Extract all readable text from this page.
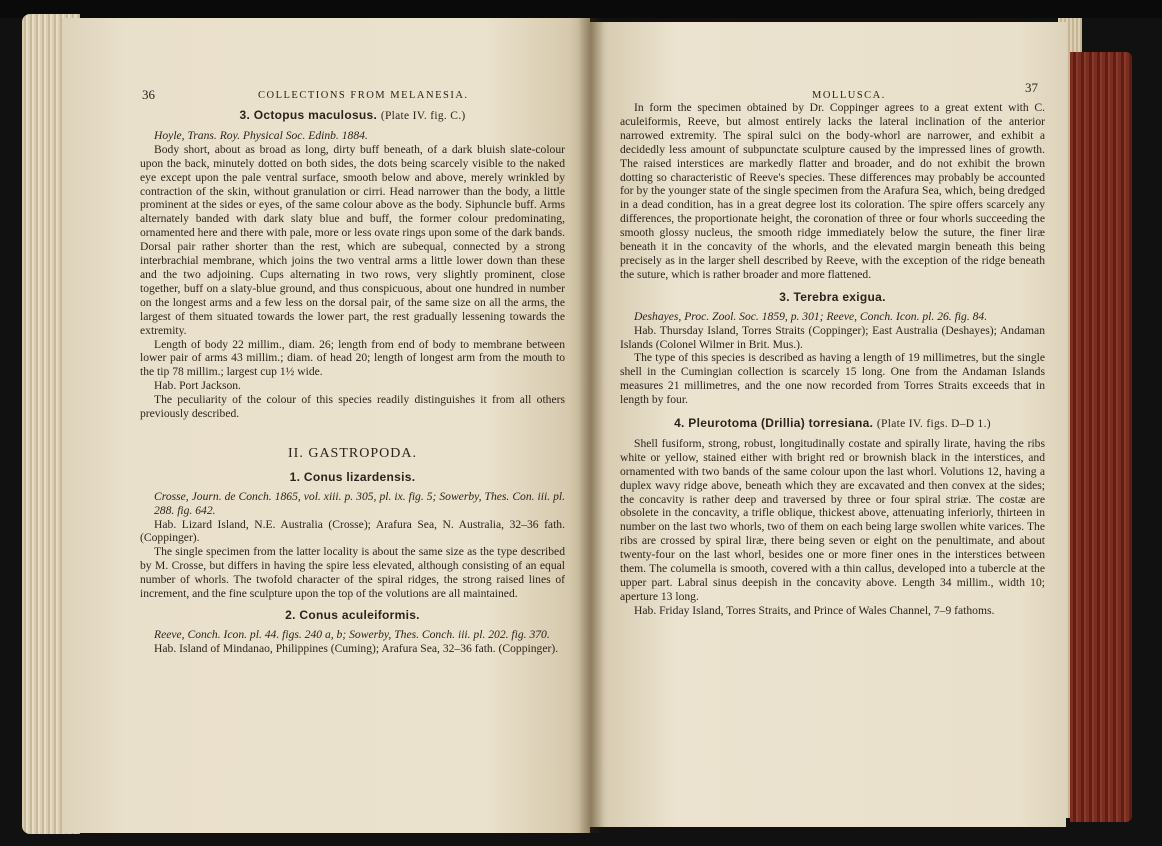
36	COLLECTIONS FROM MELANESIA.	MOLLUSCA.
37
3. Octopus maculosus. (Plate IV. fig. C.)

Hoyle, Trans. Roy. Physical Soc. Edinb. 1884.

Body short, about as broad as long, dirty buff beneath, of a dark bluish slate-colour upon the back, minutely dotted on both sides, the dots being scarcely visible to the naked eye except upon the pale ventral surface, smooth below and above, merely wrinkled by contraction of the skin, without granulation or cirri. Head narrower than the body, a little prominent at the sides or eyes, of the same colour above as the body. Siphuncle buff. Arms alternately banded with dark slaty blue and buff, the former colour predominating, ornamented here and there with pale, more or less ovate rings upon some of the dark bands. Dorsal pair rather shorter than the rest, which are subequal, connected by a strong interbrachial membrane, which joins the two ventral arms a little lower down than these and the two adjoining. Cups alternating in two rows, very slightly prominent, close together, buff on a slaty-blue ground, and thus conspicuous, about one hundred in number on the longest arms and a few less on the dorsal pair, of the same size on all the arms, the largest of them situated towards the lower part, the rest gradually lessening towards the extremity.

Length of body 22 millim., diam. 26; length from end of body to membrane between lower pair of arms 43 millim.; diam. of head 20; length of longest arm from the mouth to the tip 78 millim.; largest cup 1½ wide.

Hab. Port Jackson.

The peculiarity of the colour of this species readily distinguishes it from all others previously described.

II. GASTROPODA.
1. Conus lizardensis.

Crosse, Journ. de Conch. 1865, vol. xiii. p. 305, pl. ix. fig. 5; Sowerby, Thes. Con. iii. pl. 288. fig. 642.

Hab. Lizard Island, N.E. Australia (Crosse); Arafura Sea, N. Australia, 32–36 fath. (Coppinger).

The single specimen from the latter locality is about the same size as the type described by M. Crosse, but differs in having the spire less elevated, although consisting of an equal number of whorls. The twofold character of the spiral ridges, the strong raised lines of increment, and the fine sculpture upon the top of the volutions are all maintained.

2. Conus aculeiformis.

Reeve, Conch. Icon. pl. 44. figs. 240 a, b; Sowerby, Thes. Conch. iii. pl. 202. fig. 370.

Hab. Island of Mindanao, Philippines (Cuming); Arafura Sea, 32–36 fath. (Coppinger).

In form the specimen obtained by Dr. Coppinger agrees to a great extent with C. aculeiformis, Reeve, but almost entirely lacks the lateral inclination of the anterior narrowed extremity. The spiral sulci on the body-whorl are narrower, and exhibit a decidedly less amount of subpunctate sculpture caused by the impressed lines of growth. The raised interstices are markedly flatter and broader, and do not exhibit the brown dotting so characteristic of Reeve's species. These differences may probably be accounted for by the younger state of the single specimen from the Arafura Sea, which, being dredged in a dead condition, has in a great degree lost its coloration. The spire offers scarcely any differences, the proportionate height, the coronation of three or four whorls succeeding the smooth glossy nucleus, the smooth ridge immediately below the suture, the finer liræ beneath it in the concavity of the whorls, and the elevated margin beneath this being precisely as in the larger shell described by Reeve, with the exception of the ridge beneath the suture, which is rather broader and more flattened.

3. Terebra exigua.

Deshayes, Proc. Zool. Soc. 1859, p. 301; Reeve, Conch. Icon. pl. 26. fig. 84.

Hab. Thursday Island, Torres Straits (Coppinger); East Australia (Deshayes); Andaman Islands (Colonel Wilmer in Brit. Mus.).

The type of this species is described as having a length of 19 millimetres, but the single shell in the Cumingian collection is scarcely 15 long. One from the Andaman Islands measures 21 millimetres, and the one now recorded from Torres Straits exceeds that in length by four.

4. Pleurotoma (Drillia) torresiana. (Plate IV. figs. D–D 1.)

Shell fusiform, strong, robust, longitudinally costate and spirally lirate, having the ribs white or yellow, stained either with bright red or brownish black in the interstices, and ornamented with two bands of the same colour upon the last whorl. Volutions 12, having a duplex wavy ridge above, beneath which they are excavated and then convex at the sides; the concavity is rather deep and traversed by three or four spiral striæ. The costæ are obsolete in the concavity, a trifle oblique, thickest above, attenuating inferiorly, thirteen in number on the last two whorls, two of them on each being large swollen white varices. The ribs are crossed by spiral liræ, there being seven or eight on the penultimate, and about twenty-four on the last whorl, besides one or more finer ones in the interstices between them. The columella is smooth, covered with a thin callus, developed into a tubercle at the upper part. Labral sinus deepish in the concavity above. Length 34 millim., width 10; aperture 13 long.

Hab. Friday Island, Torres Straits, and Prince of Wales Channel, 7–9 fathoms.
